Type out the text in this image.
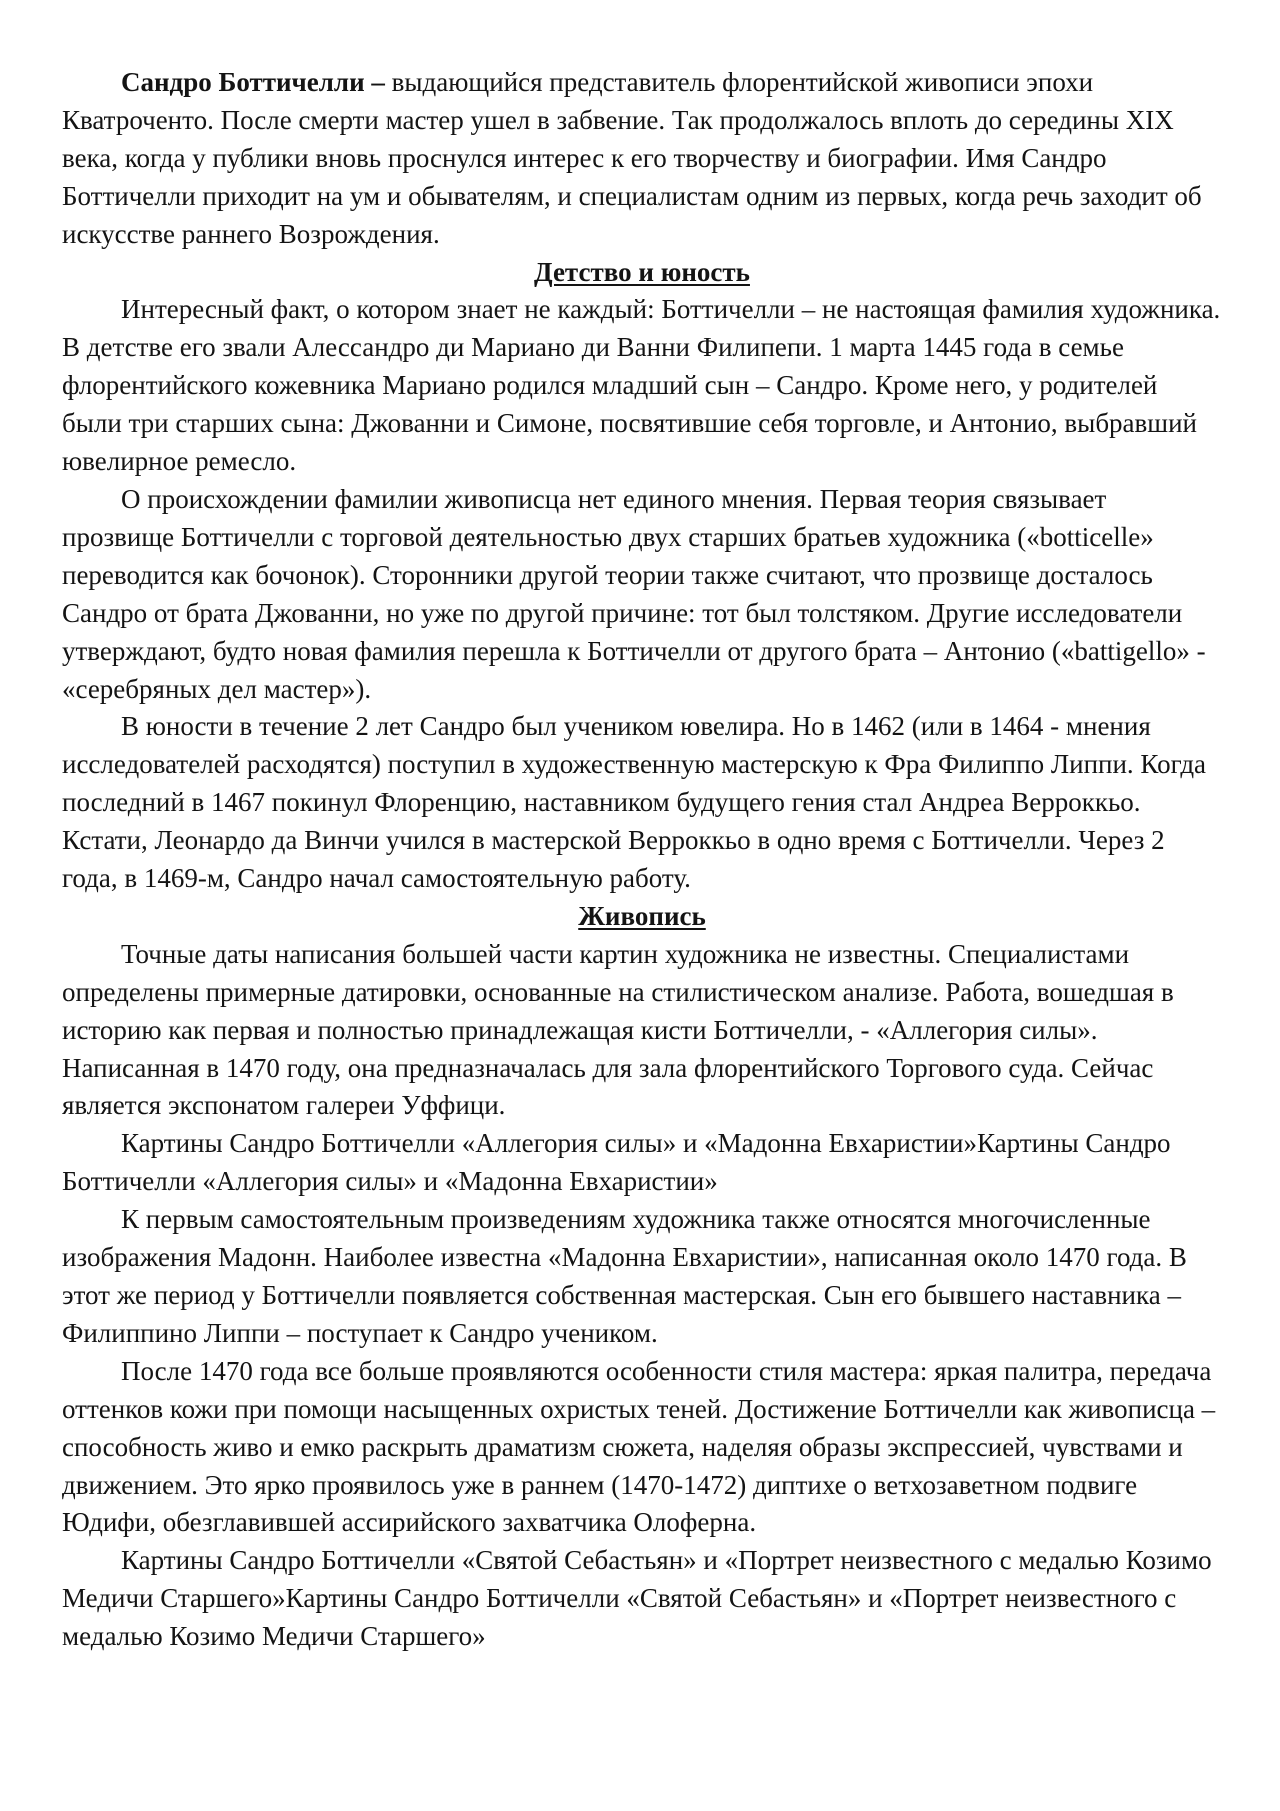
Сандро Боттичелли – выдающийся представитель флорентийской живописи эпохи Кватроченто. После смерти мастер ушел в забвение. Так продолжалось вплоть до середины XIX века, когда у публики вновь проснулся интерес к его творчеству и биографии. Имя Сандро Боттичелли приходит на ум и обывателям, и специалистам одним из первых, когда речь заходит об искусстве раннего Возрождения.

Детство и юность

Интересный факт, о котором знает не каждый: Боттичелли – не настоящая фамилия художника. В детстве его звали Алессандро ди Мариано ди Ванни Филипепи. 1 марта 1445 года в семье флорентийского кожевника Мариано родился младший сын – Сандро. Кроме него, у родителей были три старших сына: Джованни и Симоне, посвятившие себя торговле, и Антонио, выбравший ювелирное ремесло.

О происхождении фамилии живописца нет единого мнения. Первая теория связывает прозвище Боттичелли с торговой деятельностью двух старших братьев художника («botticelle» переводится как бочонок). Сторонники другой теории также считают, что прозвище досталось Сандро от брата Джованни, но уже по другой причине: тот был толстяком. Другие исследователи утверждают, будто новая фамилия перешла к Боттичелли от другого брата – Антонио («battigello» - «серебряных дел мастер»).

В юности в течение 2 лет Сандро был учеником ювелира. Но в 1462 (или в 1464 - мнения исследователей расходятся) поступил в художественную мастерскую к Фра Филиппо Липпи. Когда последний в 1467 покинул Флоренцию, наставником будущего гения стал Андреа Верроккьо. Кстати, Леонардо да Винчи учился в мастерской Верроккьо в одно время с Боттичелли. Через 2 года, в 1469-м, Сандро начал самостоятельную работу.

Живопись

Точные даты написания большей части картин художника не известны. Специалистами определены примерные датировки, основанные на стилистическом анализе. Работа, вошедшая в историю как первая и полностью принадлежащая кисти Боттичелли, - «Аллегория силы». Написанная в 1470 году, она предназначалась для зала флорентийского Торгового суда. Сейчас является экспонатом галереи Уффици.

Картины Сандро Боттичелли «Аллегория силы» и «Мадонна Евхаристии»Картины Сандро Боттичелли «Аллегория силы» и «Мадонна Евхаристии»

К первым самостоятельным произведениям художника также относятся многочисленные изображения Мадонн. Наиболее известна «Мадонна Евхаристии», написанная около 1470 года. В этот же период у Боттичелли появляется собственная мастерская. Сын его бывшего наставника – Филиппино Липпи – поступает к Сандро учеником.

После 1470 года все больше проявляются особенности стиля мастера: яркая палитра, передача оттенков кожи при помощи насыщенных охристых теней. Достижение Боттичелли как живописца – способность живо и емко раскрыть драматизм сюжета, наделяя образы экспрессией, чувствами и движением. Это ярко проявилось уже в раннем (1470-1472) диптихе о ветхозаветном подвиге Юдифи, обезглавившей ассирийского захватчика Олоферна.

Картины Сандро Боттичелли «Святой Себастьян» и «Портрет неизвестного с медалью Козимо Медичи Старшего»Картины Сандро Боттичелли «Святой Себастьян» и «Портрет неизвестного с медалью Козимо Медичи Старшего»
